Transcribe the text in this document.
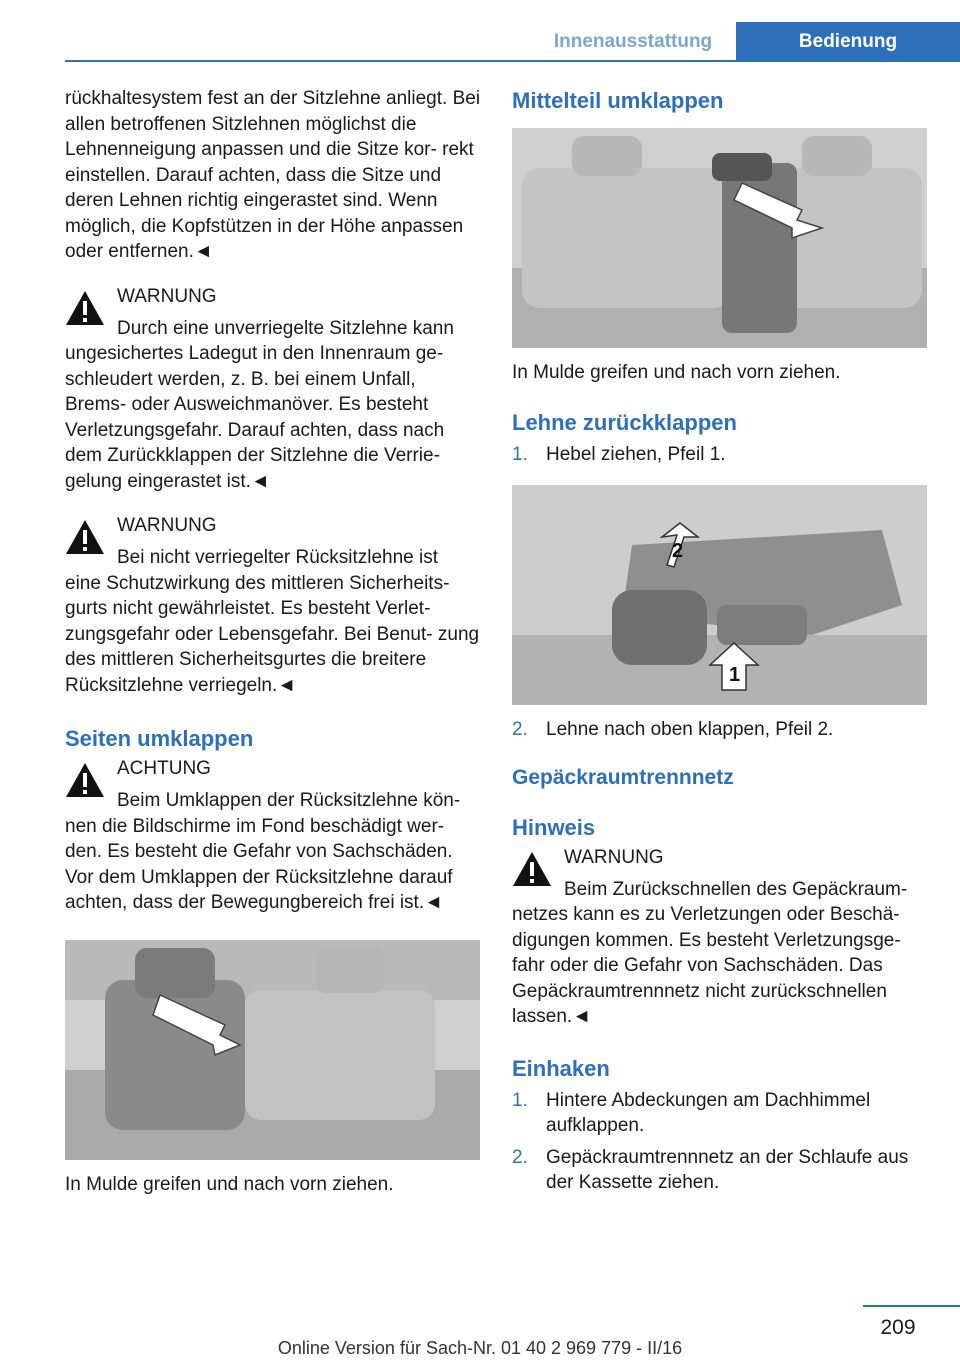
Innenausstattung	Bedienung

rückhaltesystem fest an der Sitzlehne anliegt. Bei allen betroffenen Sitzlehnen möglichst die Lehnenneigung anpassen und die Sitze kor‐ rekt einstellen. Darauf achten, dass die Sitze und deren Lehnen richtig eingerastet sind. Wenn möglich, die Kopfstützen in der Höhe anpassen oder entfernen.◄

WARNUNG
Durch eine unverriegelte Sitzlehne kann
ungesichertes Ladegut in den Innenraum ge‐ schleudert werden, z. B. bei einem Unfall, Brems- oder Ausweichmanöver. Es besteht Verletzungsgefahr. Darauf achten, dass nach dem Zurückklappen der Sitzlehne die Verrie‐ gelung eingerastet ist.◄
WARNUNG
Bei nicht verriegelter Rücksitzlehne ist
eine Schutzwirkung des mittleren Sicherheits‐ gurts nicht gewährleistet. Es besteht Verlet‐ zungsgefahr oder Lebensgefahr. Bei Benut‐ zung des mittleren Sicherheitsgurtes die breitere Rücksitzlehne verriegeln.◄
Seiten umklappen
ACHTUNG
Beim Umklappen der Rücksitzlehne kön‐
nen die Bildschirme im Fond beschädigt wer‐ den. Es besteht die Gefahr von Sachschäden. Vor dem Umklappen der Rücksitzlehne darauf achten, dass der Bewegungbereich frei ist.◄

In Mulde greifen und nach vorn ziehen.

Mittelteil umklappen

In Mulde greifen und nach vorn ziehen.

Lehne zurückklappen
1. Hebel ziehen, Pfeil 1.
2
1
2. Lehne nach oben klappen, Pfeil 2.
Gepäckraumtrennnetz
Hinweis
WARNUNG
Beim Zurückschnellen des Gepäckraum‐
netzes kann es zu Verletzungen oder Beschä‐ digungen kommen. Es besteht Verletzungsge‐ fahr oder die Gefahr von Sachschäden. Das Gepäckraumtrennnetz nicht zurückschnellen lassen.◄
Einhaken
1. Hintere Abdeckungen am Dachhimmel aufklappen.
2. Gepäckraumtrennnetz an der Schlaufe aus der Kassette ziehen.
209
Online Version für Sach-Nr. 01 40 2 969 779 - II/16
